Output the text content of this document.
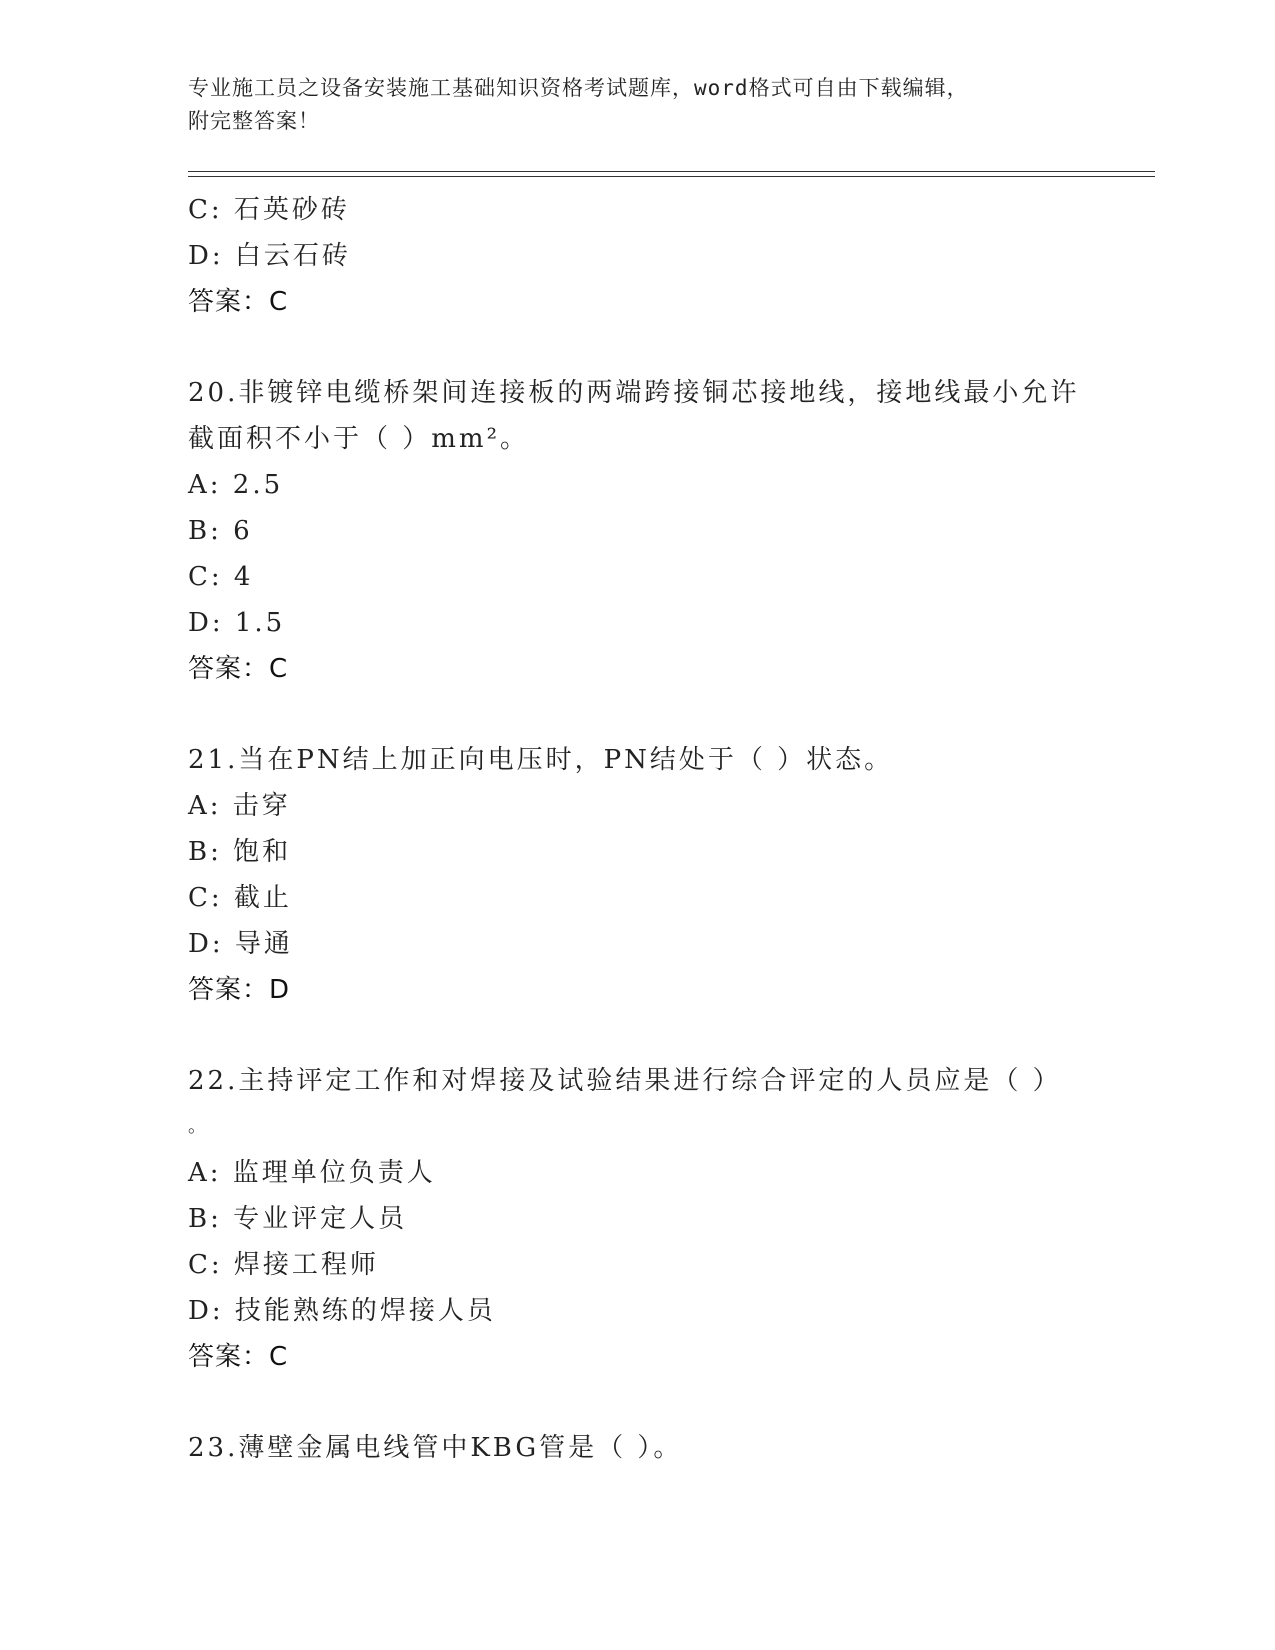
专业施工员之设备安装施工基础知识资格考试题库，word格式可自由下载编辑，
附完整答案！
C: 石英砂砖
D: 白云石砖
答案：C
20.非镀锌电缆桥架间连接板的两端跨接铜芯接地线，接地线最小允许
截面积不小于（ ）mm²。
A: 2.5
B: 6
C: 4
D: 1.5
答案：C
21.当在PN结上加正向电压时，PN结处于（ ）状态。
A: 击穿
B: 饱和
C: 截止
D: 导通
答案：D
22.主持评定工作和对焊接及试验结果进行综合评定的人员应是（ ）
。
A: 监理单位负责人
B: 专业评定人员
C: 焊接工程师
D: 技能熟练的焊接人员
答案：C
23.薄壁金属电线管中KBG管是（ ）。
